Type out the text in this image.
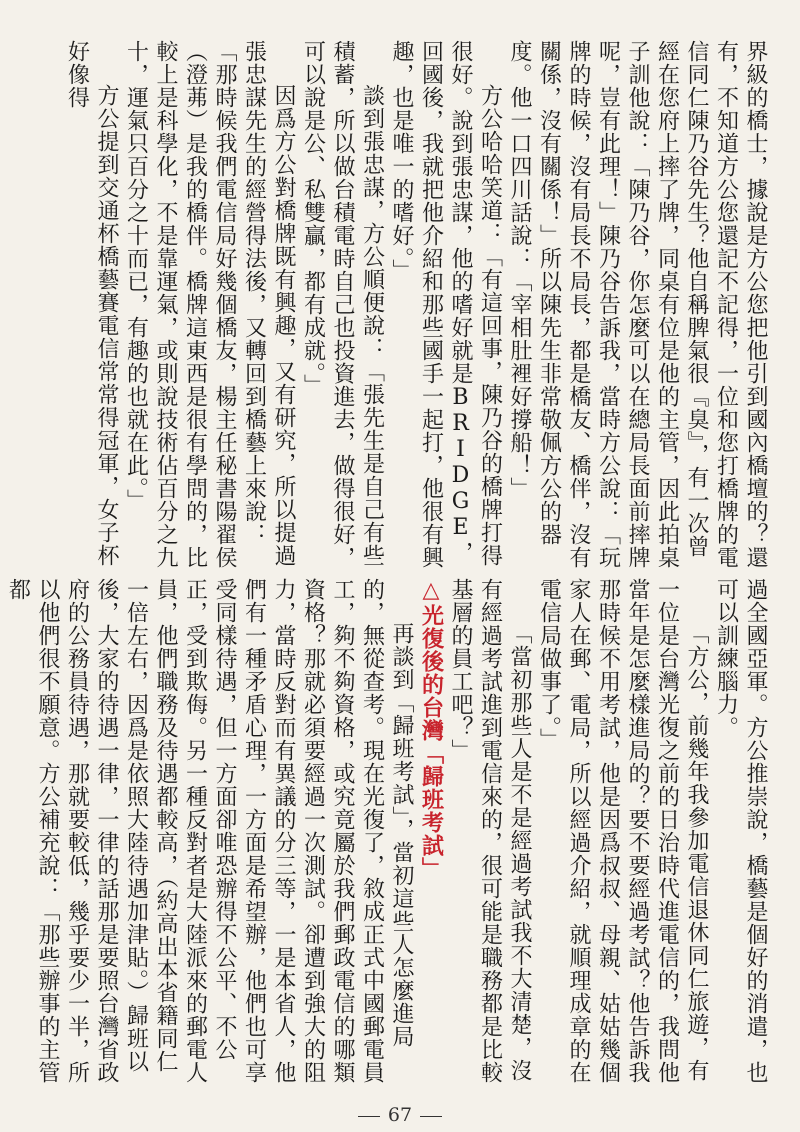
界級的橋士，據說是方公您把他引到國內橋壇的？還有，不知道方公您還記不記得，一位和您打橋牌的電信同仁陳乃谷先生？他自稱脾氣很『臭』，有一次曾經在您府上摔了牌，同桌有位是他的主管，因此拍桌子訓他說：「陳乃谷，你怎麼可以在總局長面前摔牌呢，豈有此理！」陳乃谷告訴我，當時方公說：「玩牌的時候，沒有局長不局長，都是橋友、橋伴，沒有關係，沒有關係！」所以陳先生非常敬佩方公的器度。他一口四川話說：「宰相肚裡好撐船！」

方公哈哈笑道：「有這回事，陳乃谷的橋牌打得很好。說到張忠謀，他的嗜好就是BRIDGE，回國後，我就把他介紹和那些國手一起打，他很有興趣，也是唯一的嗜好。」

談到張忠謀，方公順便說：「張先生是自己有些積蓄，所以做台積電時自己也投資進去，做得很好，可以說是公、私雙贏，都有成就。」

因爲方公對橋牌既有興趣，又有研究，所以提過張忠謀先生的經營得法後，又轉回到橋藝上來說：「那時候我們電信局好幾個橋友，楊主任秘書陽翟侯（澄茀）是我的橋伴。橋牌這東西是很有學問的，比較上是科學化，不是靠運氣，或則說技術佔百分之九十，運氣只百分之十而已，有趣的也就在此。」

方公提到交通杯橋藝賽電信常常得冠軍，女子杯好像得

過全國亞軍。方公推崇說，橋藝是個好的消遣，也可以訓練腦力。

「方公，前幾年我參加電信退休同仁旅遊，有一位是台灣光復之前的日治時代進電信的，我問他當年是怎麼樣進局的？要不要經過考試？他告訴我那時候不用考試，他是因爲叔叔、母親、姑姑幾個家人在郵、電局，所以經過介紹，就順理成章的在電信局做事了。」

「當初那些人是不是經過考試我不大清楚，沒有經過考試進到電信來的，很可能是職務都是比較基層的員工吧？」

△光復後的台灣「歸班考試」

再談到「歸班考試」，當初這些人怎麼進局的，無從查考。現在光復了，敘成正式中國郵電員工，夠不夠資格，或究竟屬於我們郵政電信的哪類資格？那就必須要經過一次測試。卻遭到強大的阻力，當時反對而有異議的分三等，一是本省人，他們有一種矛盾心理，一方面是希望辦，他們也可享受同樣待遇，但一方面卻唯恐辦得不公平、不公正，受到欺侮。另一種反對者是大陸派來的郵電人員，他們職務及待遇都較高，（約高出本省籍同仁一倍左右，因爲是依照大陸待遇加津貼。）歸班以後，大家的待遇一律，一律的話那是要照台灣省政府的公務員待遇，那就要較低，幾乎要少一半，所以他們很不願意。方公補充說：「那些辦事的主管都

67
